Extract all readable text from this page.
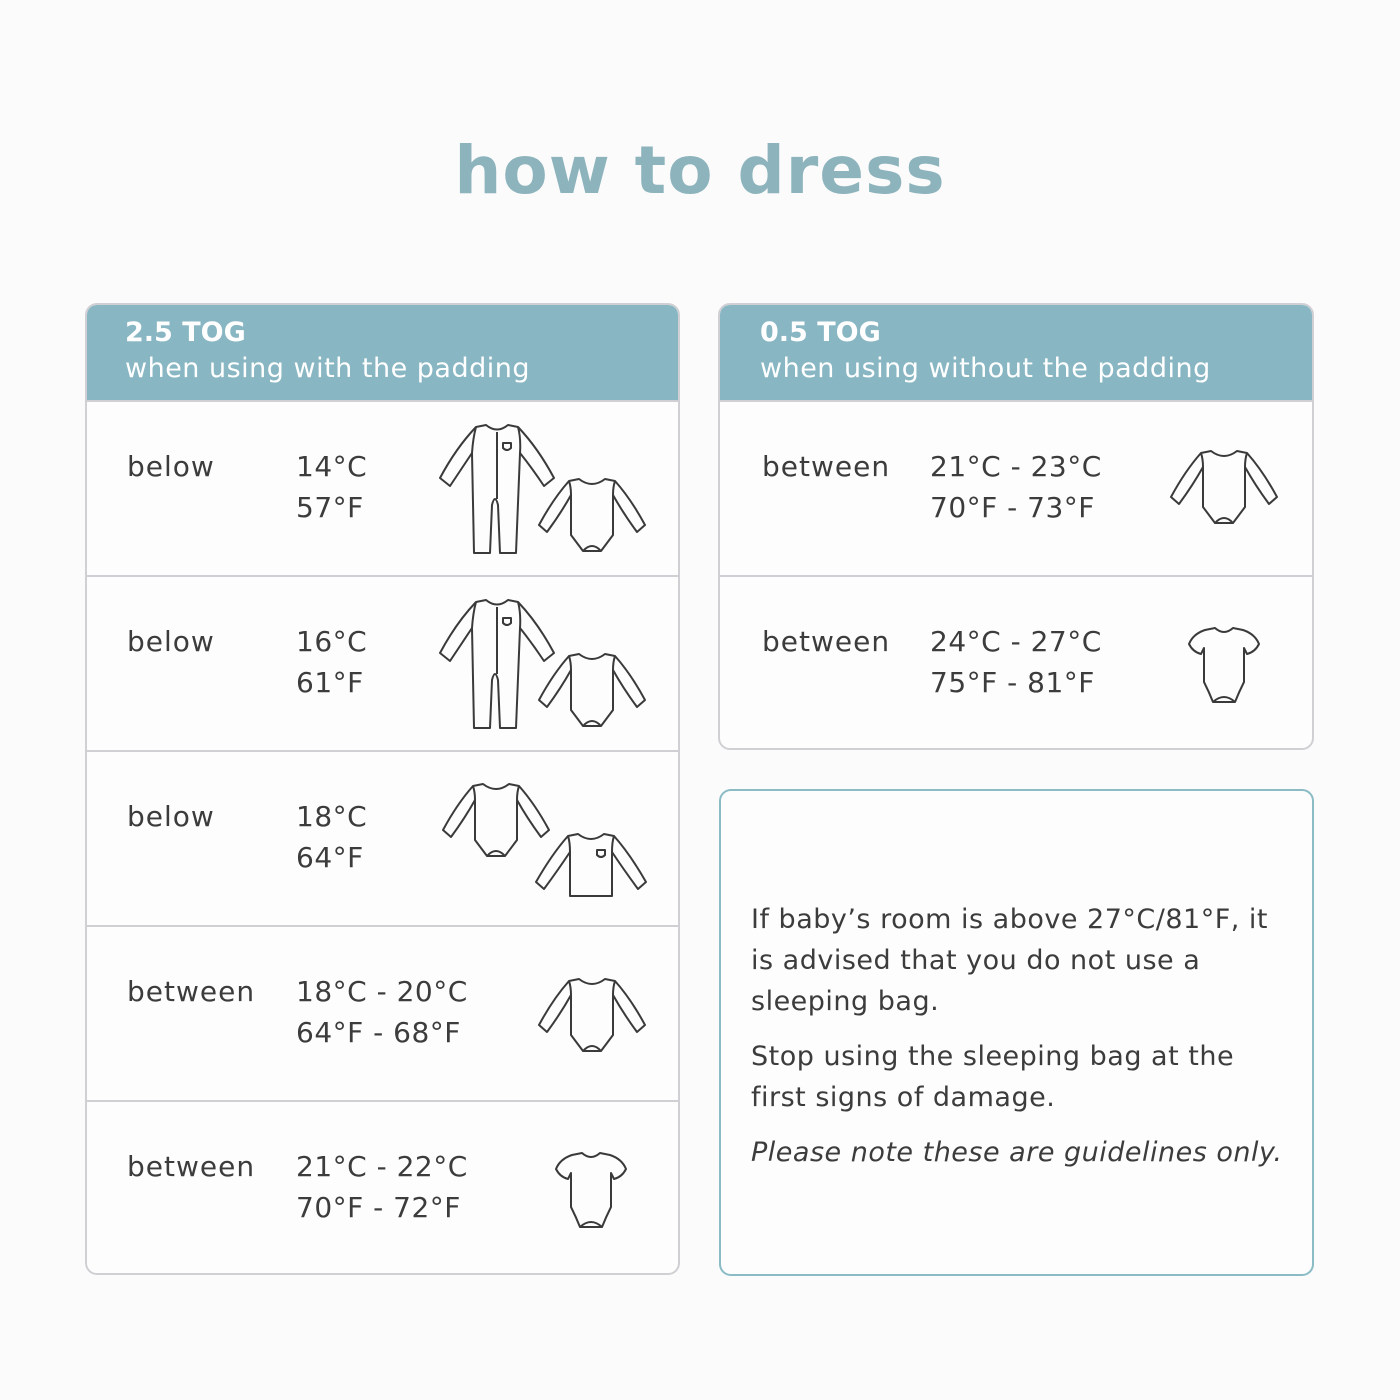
how to dress
2.5 TOG
when using with the padding
below	14°C
57°F
below	16°C
61°F
below	18°C
64°F
between 18°C - 20°C
64°F - 68°F
between 21°C - 22°C
70°F - 72°F
0.5 TOG
when using without the padding
between 21°C - 23°C
70°F - 73°F
between 24°C - 27°C
75°F - 81°F

If baby’s room is above 27°C/81°F, it is advised that you do not use a sleeping bag.

Stop using the sleeping bag at the first signs of damage.

Please note these are guidelines only.
